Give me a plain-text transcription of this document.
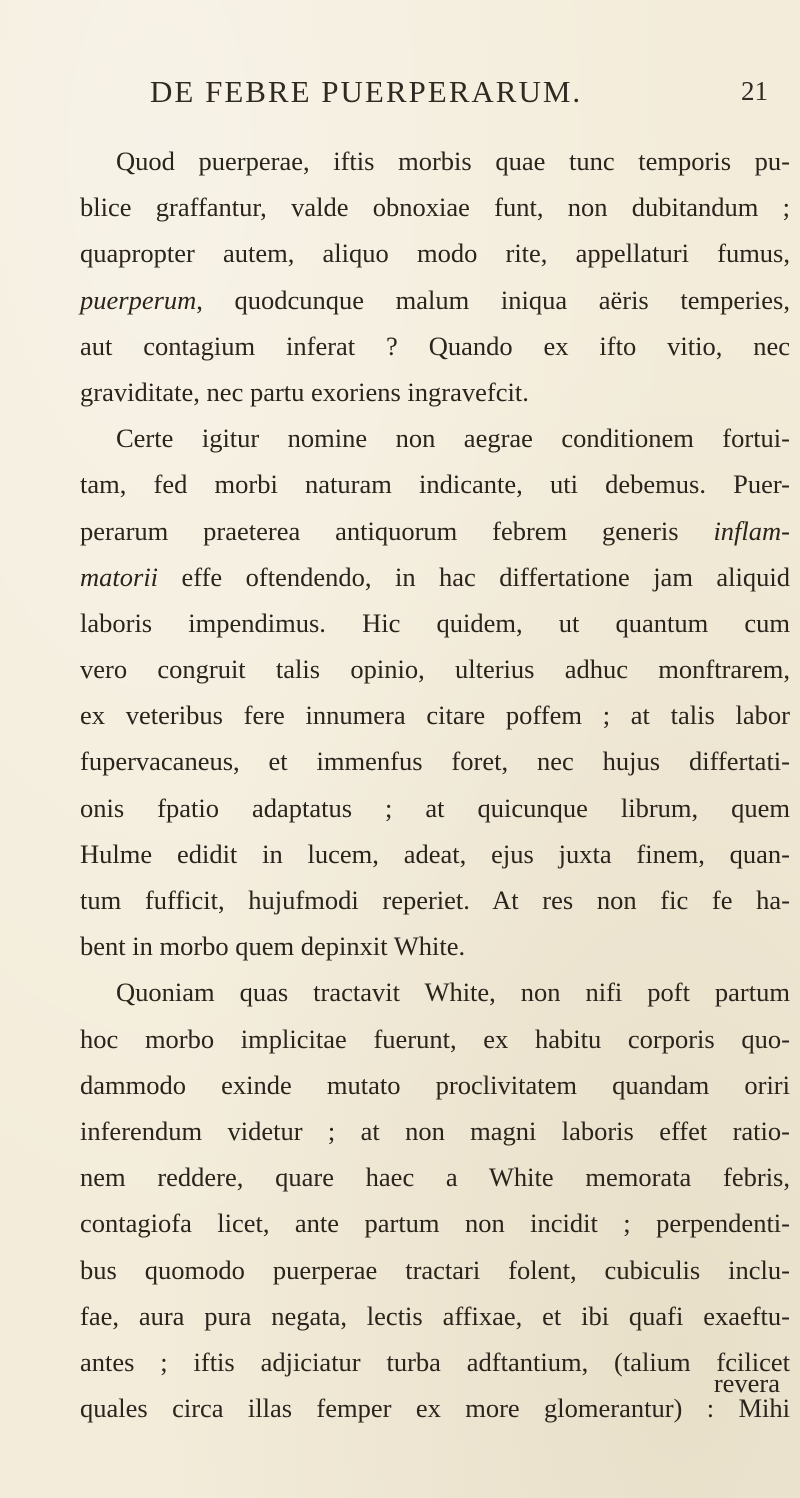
DE FEBRE PUERPERARUM.	21
Quod puerperae, iftis morbis quae tunc temporis pu-
blice graffantur, valde obnoxiae funt, non dubitandum ;
quapropter autem, aliquo modo rite, appellaturi fumus,
puerperum, quodcunque malum iniqua aëris temperies,
aut contagium inferat ? Quando ex ifto vitio, nec
graviditate, nec partu exoriens ingravefcit.
Certe igitur nomine non aegrae conditionem fortui-
tam, fed morbi naturam indicante, uti debemus. Puer-
perarum praeterea antiquorum febrem generis inflam-
matorii effe oftendendo, in hac differtatione jam aliquid
laboris impendimus. Hic quidem, ut quantum cum
vero congruit talis opinio, ulterius adhuc monftrarem,
ex veteribus fere innumera citare poffem ; at talis labor
fupervacaneus, et immenfus foret, nec hujus differtati-
onis fpatio adaptatus ; at quicunque librum, quem
Hulme edidit in lucem, adeat, ejus juxta finem, quan-
tum fufficit, hujufmodi reperiet. At res non fic fe ha-
bent in morbo quem depinxit White.
Quoniam quas tractavit White, non nifi poft partum
hoc morbo implicitae fuerunt, ex habitu corporis quo-
dammodo exinde mutato proclivitatem quandam oriri
inferendum videtur ; at non magni laboris effet ratio-
nem reddere, quare haec a White memorata febris,
contagiofa licet, ante partum non incidit ; perpendenti-
bus quomodo puerperae tractari folent, cubiculis inclu-
fae, aura pura negata, lectis affixae, et ibi quafi exaeftu-
antes ; iftis adjiciatur turba adftantium, (talium fcilicet
quales circa illas femper ex more glomerantur) : Mihi
revera
